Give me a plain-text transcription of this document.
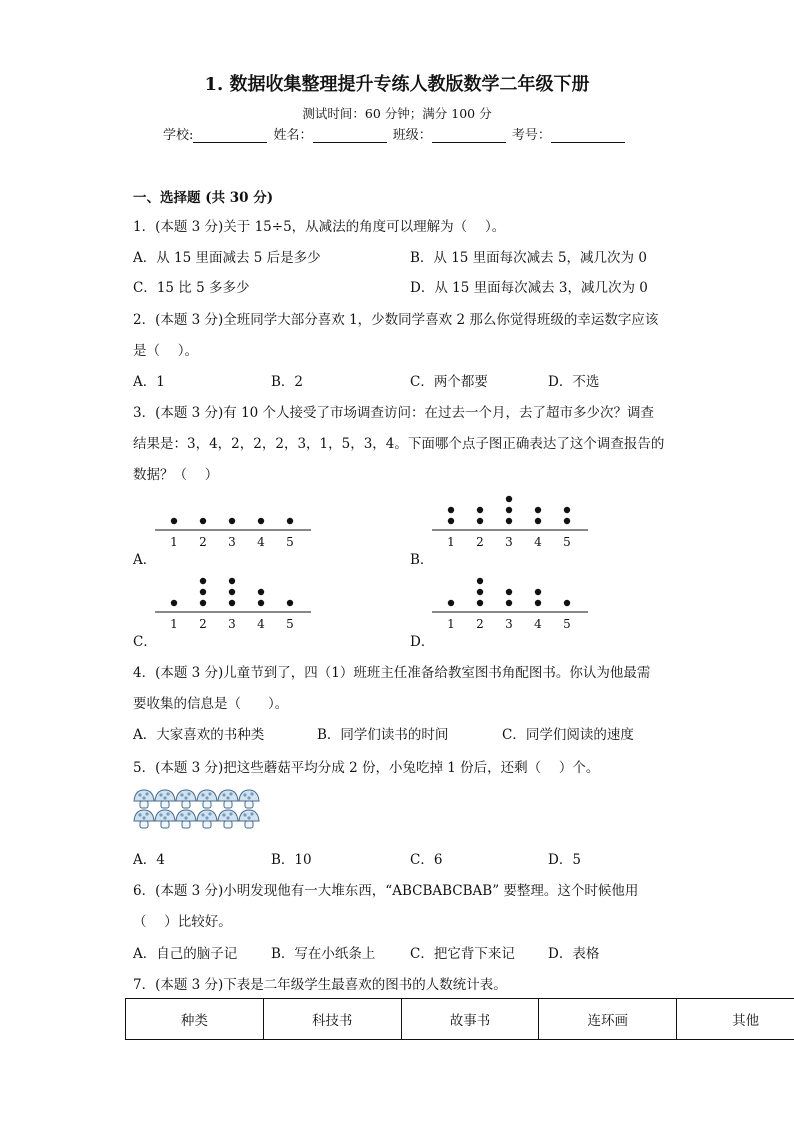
1. 数据收集整理提升专练人教版数学二年级下册
测试时间：60 分钟；满分 100 分
学校:	姓名：	班级：	考号：
一、选择题 (共 30 分)
1．(本题 3 分)关于 15÷5，从减法的角度可以理解为（　 ）。
A．从 15 里面减去 5 后是多少	B．从 15 里面每次减去 5，减几次为 0
C．15 比 5 多多少	D．从 15 里面每次减去 3，减几次为 0
2．(本题 3 分)全班同学大部分喜欢 1，少数同学喜欢 2 那么你觉得班级的幸运数字应该
是（　 ）。
A．1	B．2	C．两个都要	D．不选
3．(本题 3 分)有 10 个人接受了市场调查访问：在过去一个月，去了超市多少次？调查
结果是：3，4，2，2，2，3，1，5，3，4。下面哪个点子图正确表达了这个调查报告的
数据？（　 ）
1 2 3 4 5
A．
1 2 3 4 5
B．
1 2 3 4 5
C．
1 2 3 4 5
D．
4．(本题 3 分)儿童节到了，四（1）班班主任准备给教室图书角配图书。你认为他最需
要收集的信息是（　　）。
A．大家喜欢的书种类	B．同学们读书的时间	C．同学们阅读的速度
5．(本题 3 分)把这些蘑菇平均分成 2 份，小兔吃掉 1 份后，还剩（　 ）个。
A．4	B．10	C．6	D．5
6．(本题 3 分)小明发现他有一大堆东西，“ABCBABCBAB” 要整理。这个时候他用
（　 ）比较好。
A．自己的脑子记	B．写在小纸条上	C．把它背下来记 D．表格
7．(本题 3 分)下表是二年级学生最喜欢的图书的人数统计表。
种类	科技书	故事书	连环画	其他
